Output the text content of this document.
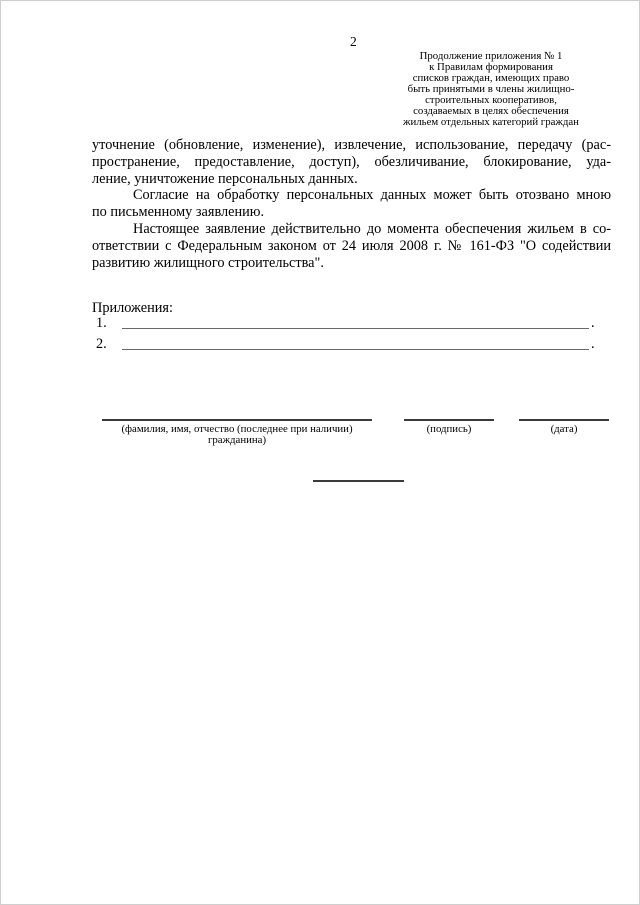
2
Продолжение приложения № 1
к Правилам формирования
списков граждан, имеющих право
быть принятыми в члены жилищно-
строительных кооперативов,
создаваемых в целях обеспечения
жильем отдельных категорий граждан
уточнение (обновление, изменение), извлечение, использование, передачу (рас-
пространение, предоставление, доступ), обезличивание, блокирование, уда-
ление, уничтожение персональных данных.
Согласие на обработку персональных данных может быть отозвано мною
по письменному заявлению.
Настоящее заявление действительно до момента обеспечения жильем в со-
ответствии с Федеральным законом от 24 июля 2008 г. № 161-ФЗ "О содействии
развитию жилищного строительства".
Приложения:
1.	.
2.	.
(фамилия, имя, отчество (последнее при наличии)
гражданина)
(подпись)	(дата)
